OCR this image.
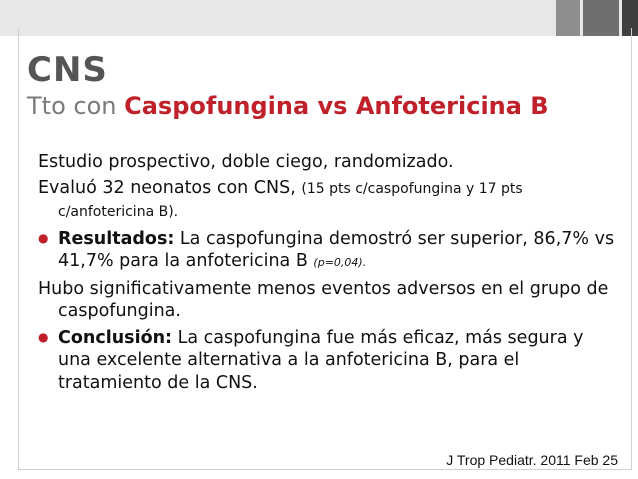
CNS
Tto con Caspofungina vs Anfotericina B

Estudio prospectivo, doble ciego, randomizado.

Evaluó 32 neonatos con CNS, (15 pts c/caspofungina y 17 pts c/anfotericina B).

● Resultados: La caspofungina demostró ser superior, 86,7% vs 41,7% para la anfotericina B (p=0,04).

Hubo significativamente menos eventos adversos en el grupo de caspofungina.

● Conclusión: La caspofungina fue más eficaz, más segura y una excelente alternativa a la anfotericina B, para el tratamiento de la CNS.

J Trop Pediatr. 2011 Feb 25
